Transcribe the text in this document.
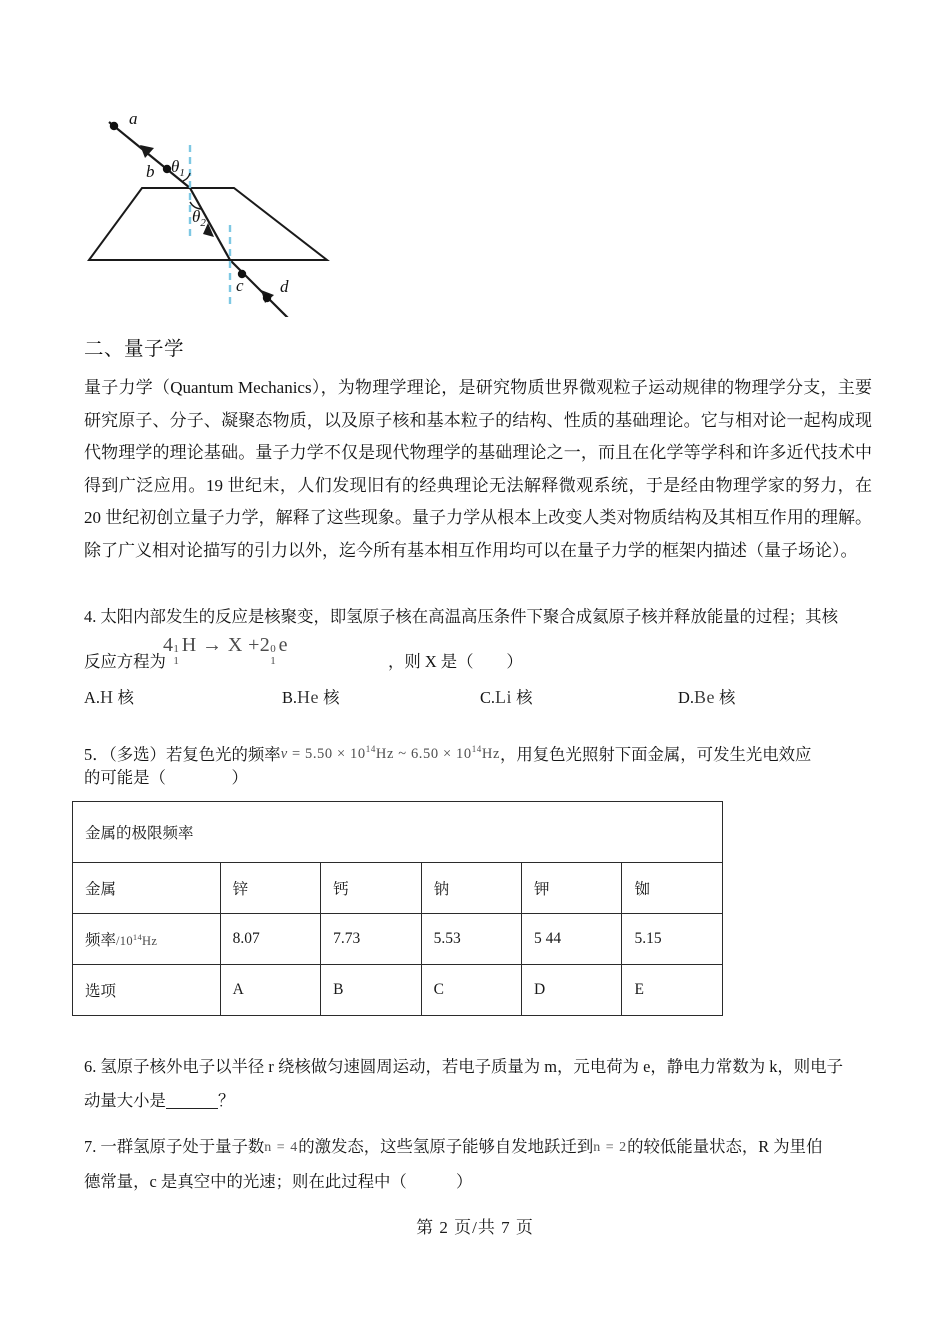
a
b
c d
$\theta_1$
$\theta_2$
二、量子学
量子力学（Quantum Mechanics），为物理学理论，是研究物质世界微观粒子运动规律的物理学分支，主要研究原子、分子、凝聚态物质，以及原子核和基本粒子的结构、性质的基础理论。它与相对论一起构成现代物理学的理论基础。量子力学不仅是现代物理学的基础理论之一，而且在化学等学科和许多近代技术中得到广泛应用。19 世纪末，人们发现旧有的经典理论无法解释微观系统，于是经由物理学家的努力，在 20 世纪初创立量子力学，解释了这些现象。量子力学从根本上改变人类对物质结构及其相互作用的理解。除了广义相对论描写的引力以外，迄今所有基本相互作用均可以在量子力学的框架内描述（量子场论）。
4. 太阳内部发生的反应是核聚变，即氢原子核在高温高压条件下聚合成氦原子核并释放能量的过程；其核
反应方程为	，则 X 是（　　）
4 1
1
H → X +2 0
1
e
A.H 核	B.He 核	C.Li 核	D.Be 核
5．（多选）若复色光的频率$v = 5.50 \times 10^{14}Hz$ ~ $6.50 \times 10^{14}Hz$，用复色光照射下面金属，可发生光电效应
的可能是（　　　　）
金属的极限频率					
金属	锌	钙	钠	钾	铷
频率$/10^{14}Hz$	8.07	7.73	5.53	5 44	5.15
选项	A	B	C	D	E
6. 氢原子核外电子以半径 r 绕核做匀速圆周运动，若电子质量为 m，元电荷为 e，静电力常数为 k，则电子
动量大小是	？
7. 一群氢原子处于量子数n = 4的激发态，这些氢原子能够自发地跃迁到n = 2的较低能量状态，R 为里伯
德常量，c 是真空中的光速；则在此过程中（　　　）
第 2 页/共 7 页
